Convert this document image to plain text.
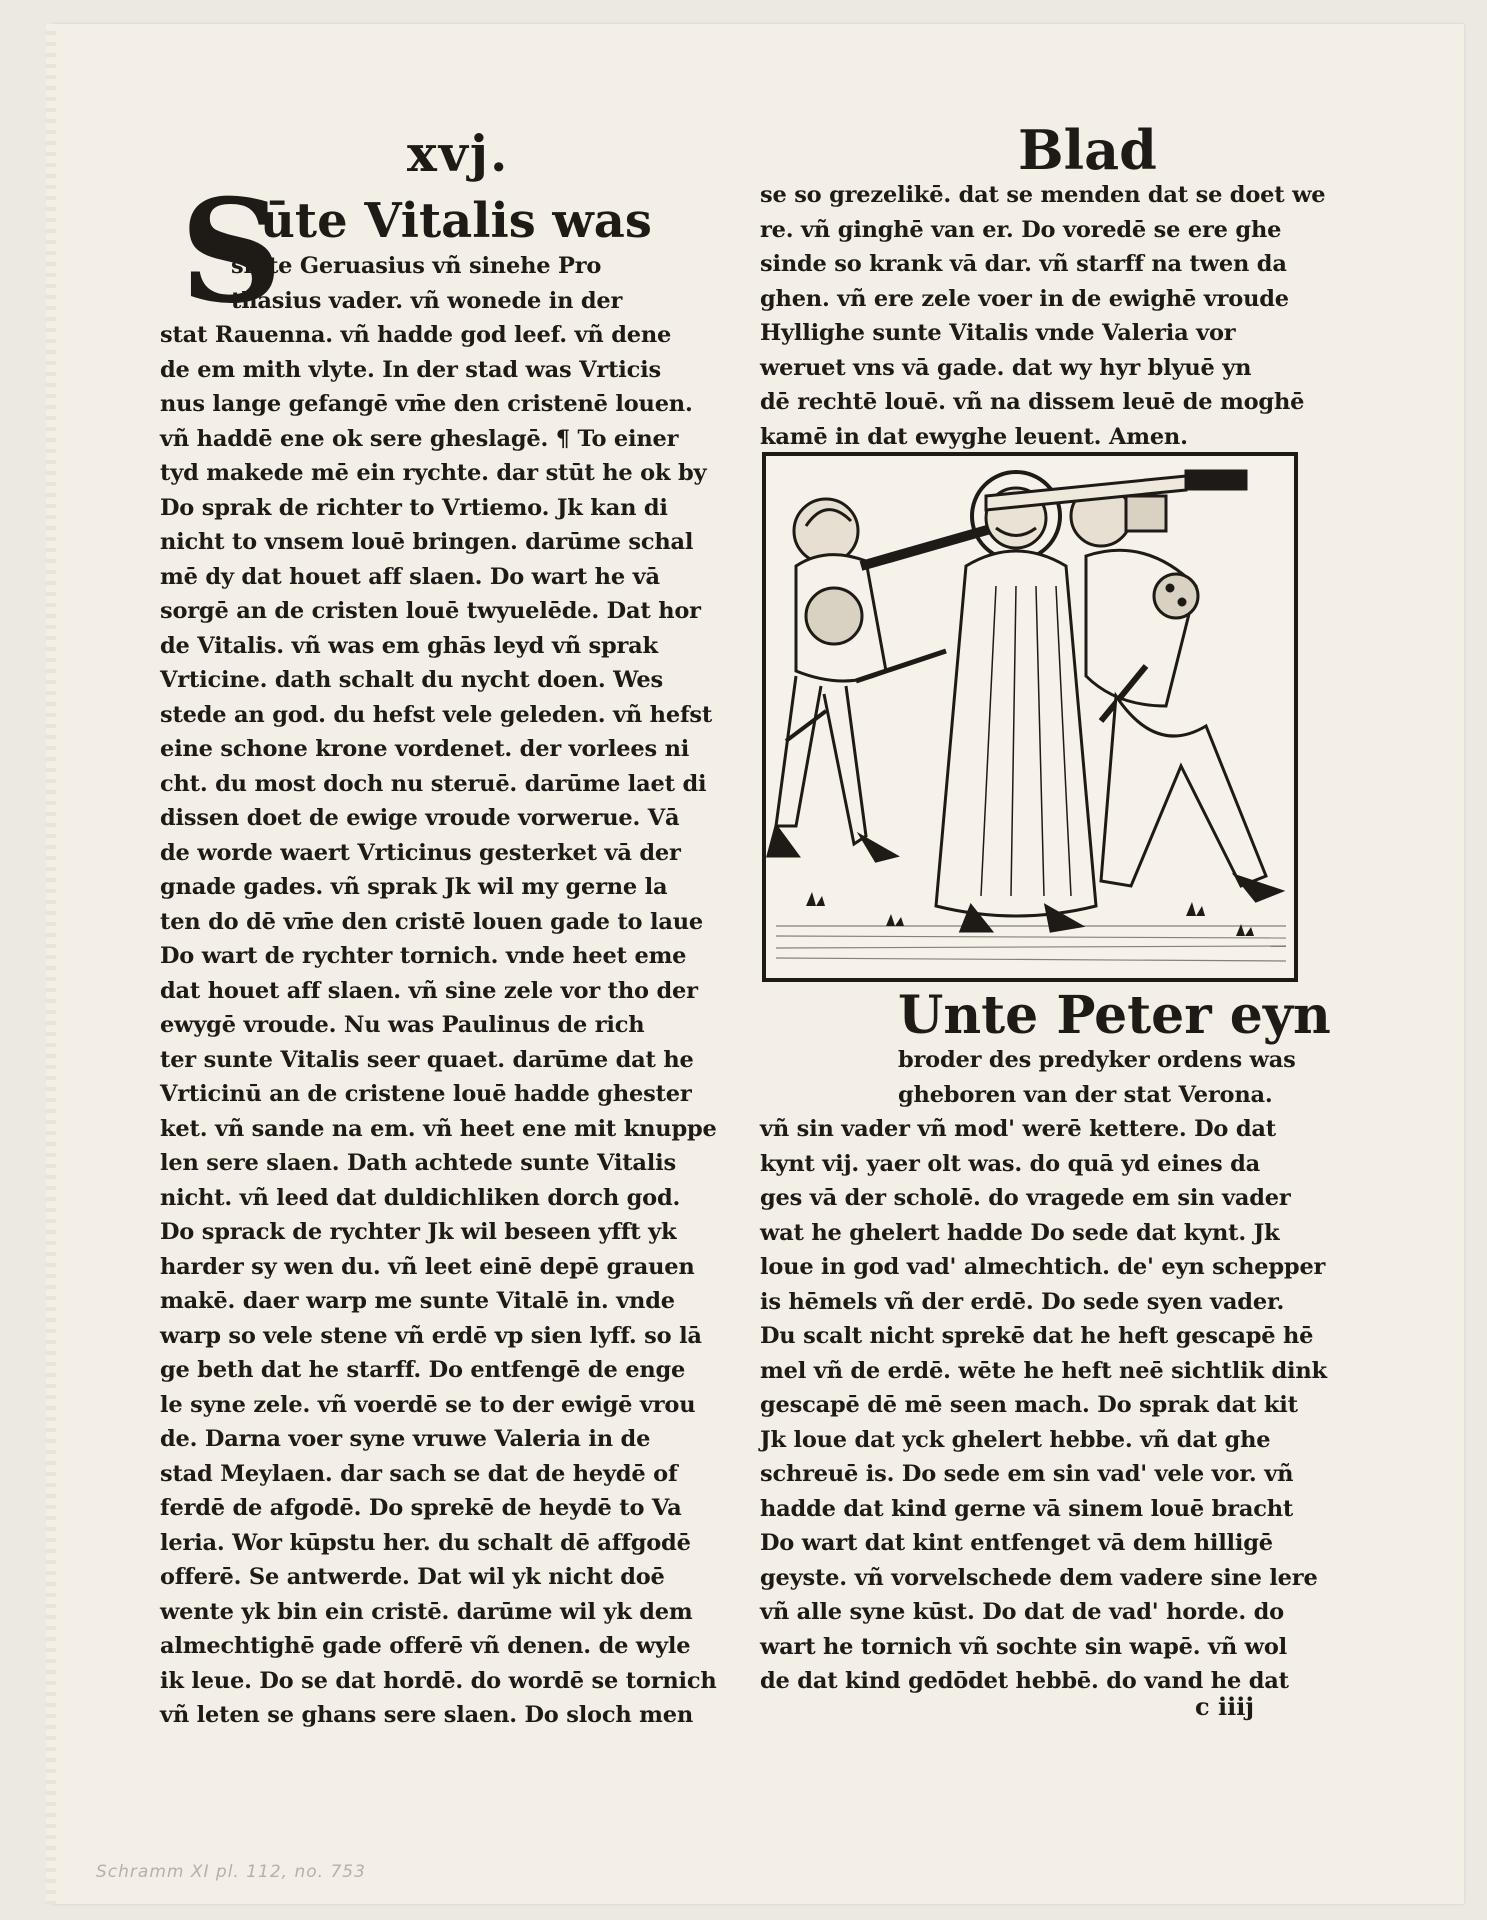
xvj.	Blad
S
ūte Vitalis was
sinte Geruasius vñ sinehe Pro
thasius vader. vñ wonede in der
stat Rauenna. vñ hadde god leef. vñ dene
de em mith vlyte. In der stad was Vrticis
nus lange gefangē vm̄e den cristenē louen.
vñ haddē ene ok sere gheslagē. ¶ To einer
tyd makede mē ein rychte. dar stūt he ok by
Do sprak de richter to Vrtiemo. Jk kan di
nicht to vnsem louē bringen. darūme schal
mē dy dat houet aff slaen. Do wart he vā
sorgē an de cristen louē twyuelēde. Dat hor
de Vitalis. vñ was em ghās leyd vñ sprak
Vrticine. dath schalt du nycht doen. Wes
stede an god. du hefst vele geleden. vñ hefst
eine schone krone vordenet. der vorlees ni
cht. du most doch nu steruē. darūme laet di
dissen doet de ewige vroude vorwerue. Vā
de worde waert Vrticinus gesterket vā der
gnade gades. vñ sprak Jk wil my gerne la
ten do dē vm̄e den cristē louen gade to laue
Do wart de rychter tornich. vnde heet eme
dat houet aff slaen. vñ sine zele vor tho der
ewygē vroude. Nu was Paulinus de rich
ter sunte Vitalis seer quaet. darūme dat he
Vrticinū an de cristene louē hadde ghester
ket. vñ sande na em. vñ heet ene mit knuppe
len sere slaen. Dath achtede sunte Vitalis
nicht. vñ leed dat duldichliken dorch god.
Do sprack de rychter Jk wil beseen yfft yk
harder sy wen du. vñ leet einē depē grauen
makē. daer warp me sunte Vitalē in. vnde
warp so vele stene vñ erdē vp sien lyff. so lā
ge beth dat he starff. Do entfengē de enge
le syne zele. vñ voerdē se to der ewigē vrou
de. Darna voer syne vruwe Valeria in de
stad Meylaen. dar sach se dat de heydē of
ferdē de afgodē. Do sprekē de heydē to Va
leria. Wor kūpstu her. du schalt dē affgodē
offerē. Se antwerde. Dat wil yk nicht doē
wente yk bin ein cristē. darūme wil yk dem
almechtighē gade offerē vñ denen. de wyle
ik leue. Do se dat hordē. do wordē se tornich
vñ leten se ghans sere slaen. Do sloch men
se so grezelikē. dat se menden dat se doet we
re. vñ ginghē van er. Do voredē se ere ghe
sinde so krank vā dar. vñ starff na twen da
ghen. vñ ere zele voer in de ewighē vroude
Hyllighe sunte Vitalis vnde Valeria vor
weruet vns vā gade. dat wy hyr blyuē yn
dē rechtē louē. vñ na dissem leuē de moghē
kamē in dat ewyghe leuent. Amen.
Unte Peter eyn
broder des predyker ordens was
gheboren van der stat Verona.
vñ sin vader vñ mod' werē kettere. Do dat
kynt vij. yaer olt was. do quā yd eines da
ges vā der scholē. do vragede em sin vader
wat he ghelert hadde Do sede dat kynt. Jk
loue in god vad' almechtich. de' eyn schepper
is hēmels vñ der erdē. Do sede syen vader.
Du scalt nicht sprekē dat he heft gescapē hē
mel vñ de erdē. wēte he heft neē sichtlik dink
gescapē dē mē seen mach. Do sprak dat kit
Jk loue dat yck ghelert hebbe. vñ dat ghe
schreuē is. Do sede em sin vad' vele vor. vñ
hadde dat kind gerne vā sinem louē bracht
Do wart dat kint entfenget vā dem hilligē
geyste. vñ vorvelschede dem vadere sine lere
vñ alle syne kūst. Do dat de vad' horde. do
wart he tornich vñ sochte sin wapē. vñ wol
de dat kind gedōdet hebbē. do vand he dat
c iiij
Schramm XI pl. 112, no. 753
